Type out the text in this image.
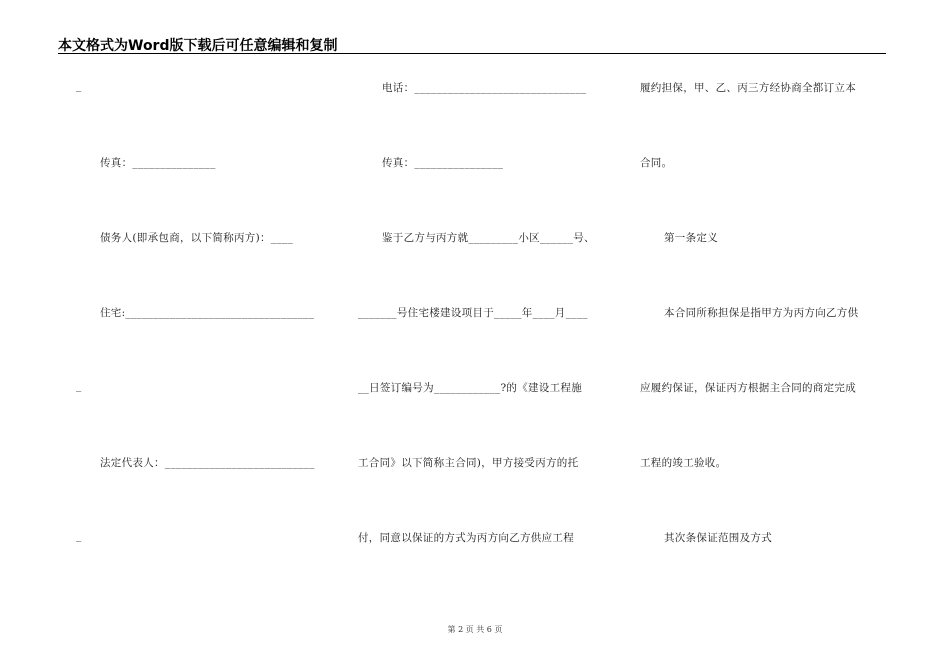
本文格式为Word版下载后可任意编辑和复制
_
传真：_______________
债务人(即承包商，以下简称丙方)：____
住宅:__________________________________
_
法定代表人：___________________________
_
电话：_______________________________
传真：________________
鉴于乙方与丙方就_________小区______号、
_______号住宅楼建设项目于_____年____月____
__日签订编号为____________?的《建设工程施
工合同》以下简称主合同)，甲方接受丙方的托
付，同意以保证的方式为丙方向乙方供应工程
履约担保，甲、乙、丙三方经协商全都订立本
合同。
第一条定义
本合同所称担保是指甲方为丙方向乙方供
应履约保证，保证丙方根据主合同的商定完成
工程的竣工验收。
其次条保证范围及方式
第 2 页 共 6 页
